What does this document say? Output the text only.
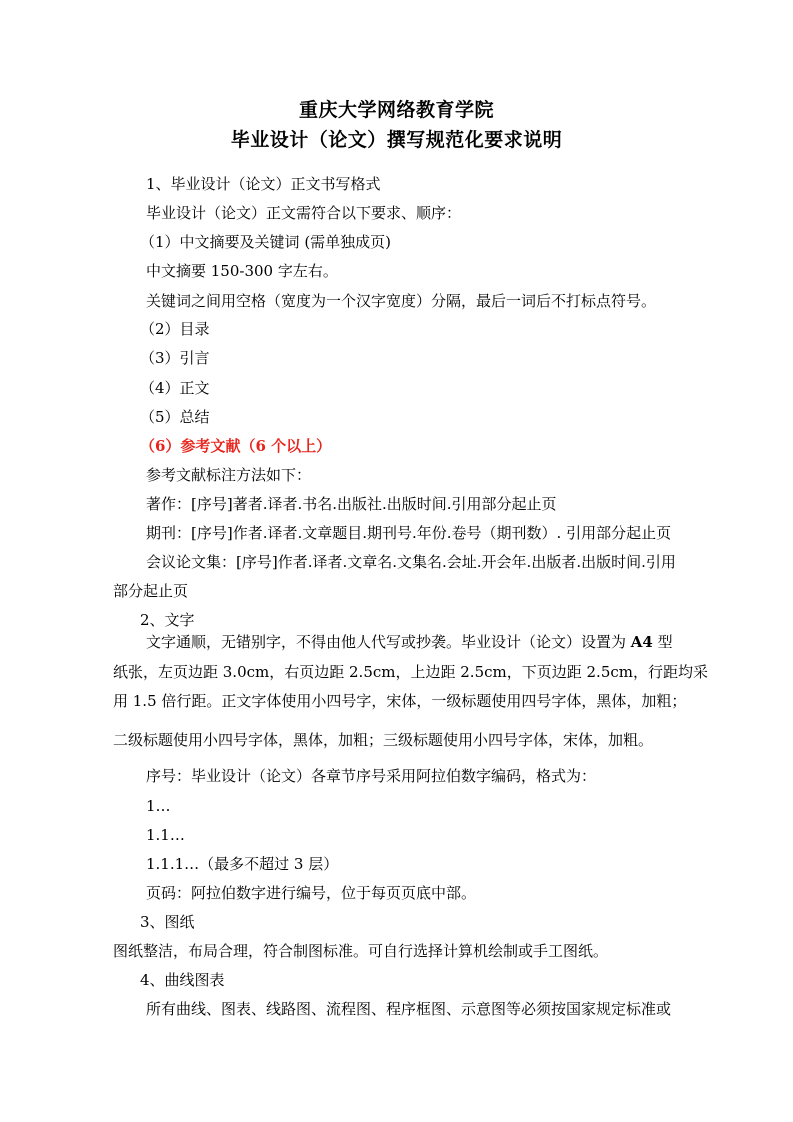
重庆大学网络教育学院
毕业设计（论文）撰写规范化要求说明
1、毕业设计（论文）正文书写格式
毕业设计（论文）正文需符合以下要求、顺序：
（1）中文摘要及关键词 (需单独成页)
中文摘要 150-300 字左右。
关键词之间用空格（宽度为一个汉字宽度）分隔，最后一词后不打标点符号。
（2）目录
（3）引言
（4）正文
（5）总结
（6）参考文献（6 个以上）
参考文献标注方法如下：
著作：[序号]著者.译者.书名.出版社.出版时间.引用部分起止页
期刊：[序号]作者.译者.文章题目.期刊号.年份.卷号（期刊数）. 引用部分起止页
会议论文集：[序号]作者.译者.文章名.文集名.会址.开会年.出版者.出版时间.引用
部分起止页
2、文字
文字通顺，无错别字，不得由他人代写或抄袭。毕业设计（论文）设置为 A4 型
纸张，左页边距 3.0cm，右页边距 2.5cm，上边距 2.5cm，下页边距 2.5cm，行距均采
用 1.5 倍行距。正文字体使用小四号字，宋体，一级标题使用四号字体，黑体，加粗；
二级标题使用小四号字体，黑体，加粗；三级标题使用小四号字体，宋体，加粗。
序号：毕业设计（论文）各章节序号采用阿拉伯数字编码，格式为：
1…
1.1…
1.1.1…（最多不超过 3 层）
页码：阿拉伯数字进行编号，位于每页页底中部。
3、图纸
图纸整洁，布局合理，符合制图标准。可自行选择计算机绘制或手工图纸。
4、曲线图表
所有曲线、图表、线路图、流程图、程序框图、示意图等必须按国家规定标准或
